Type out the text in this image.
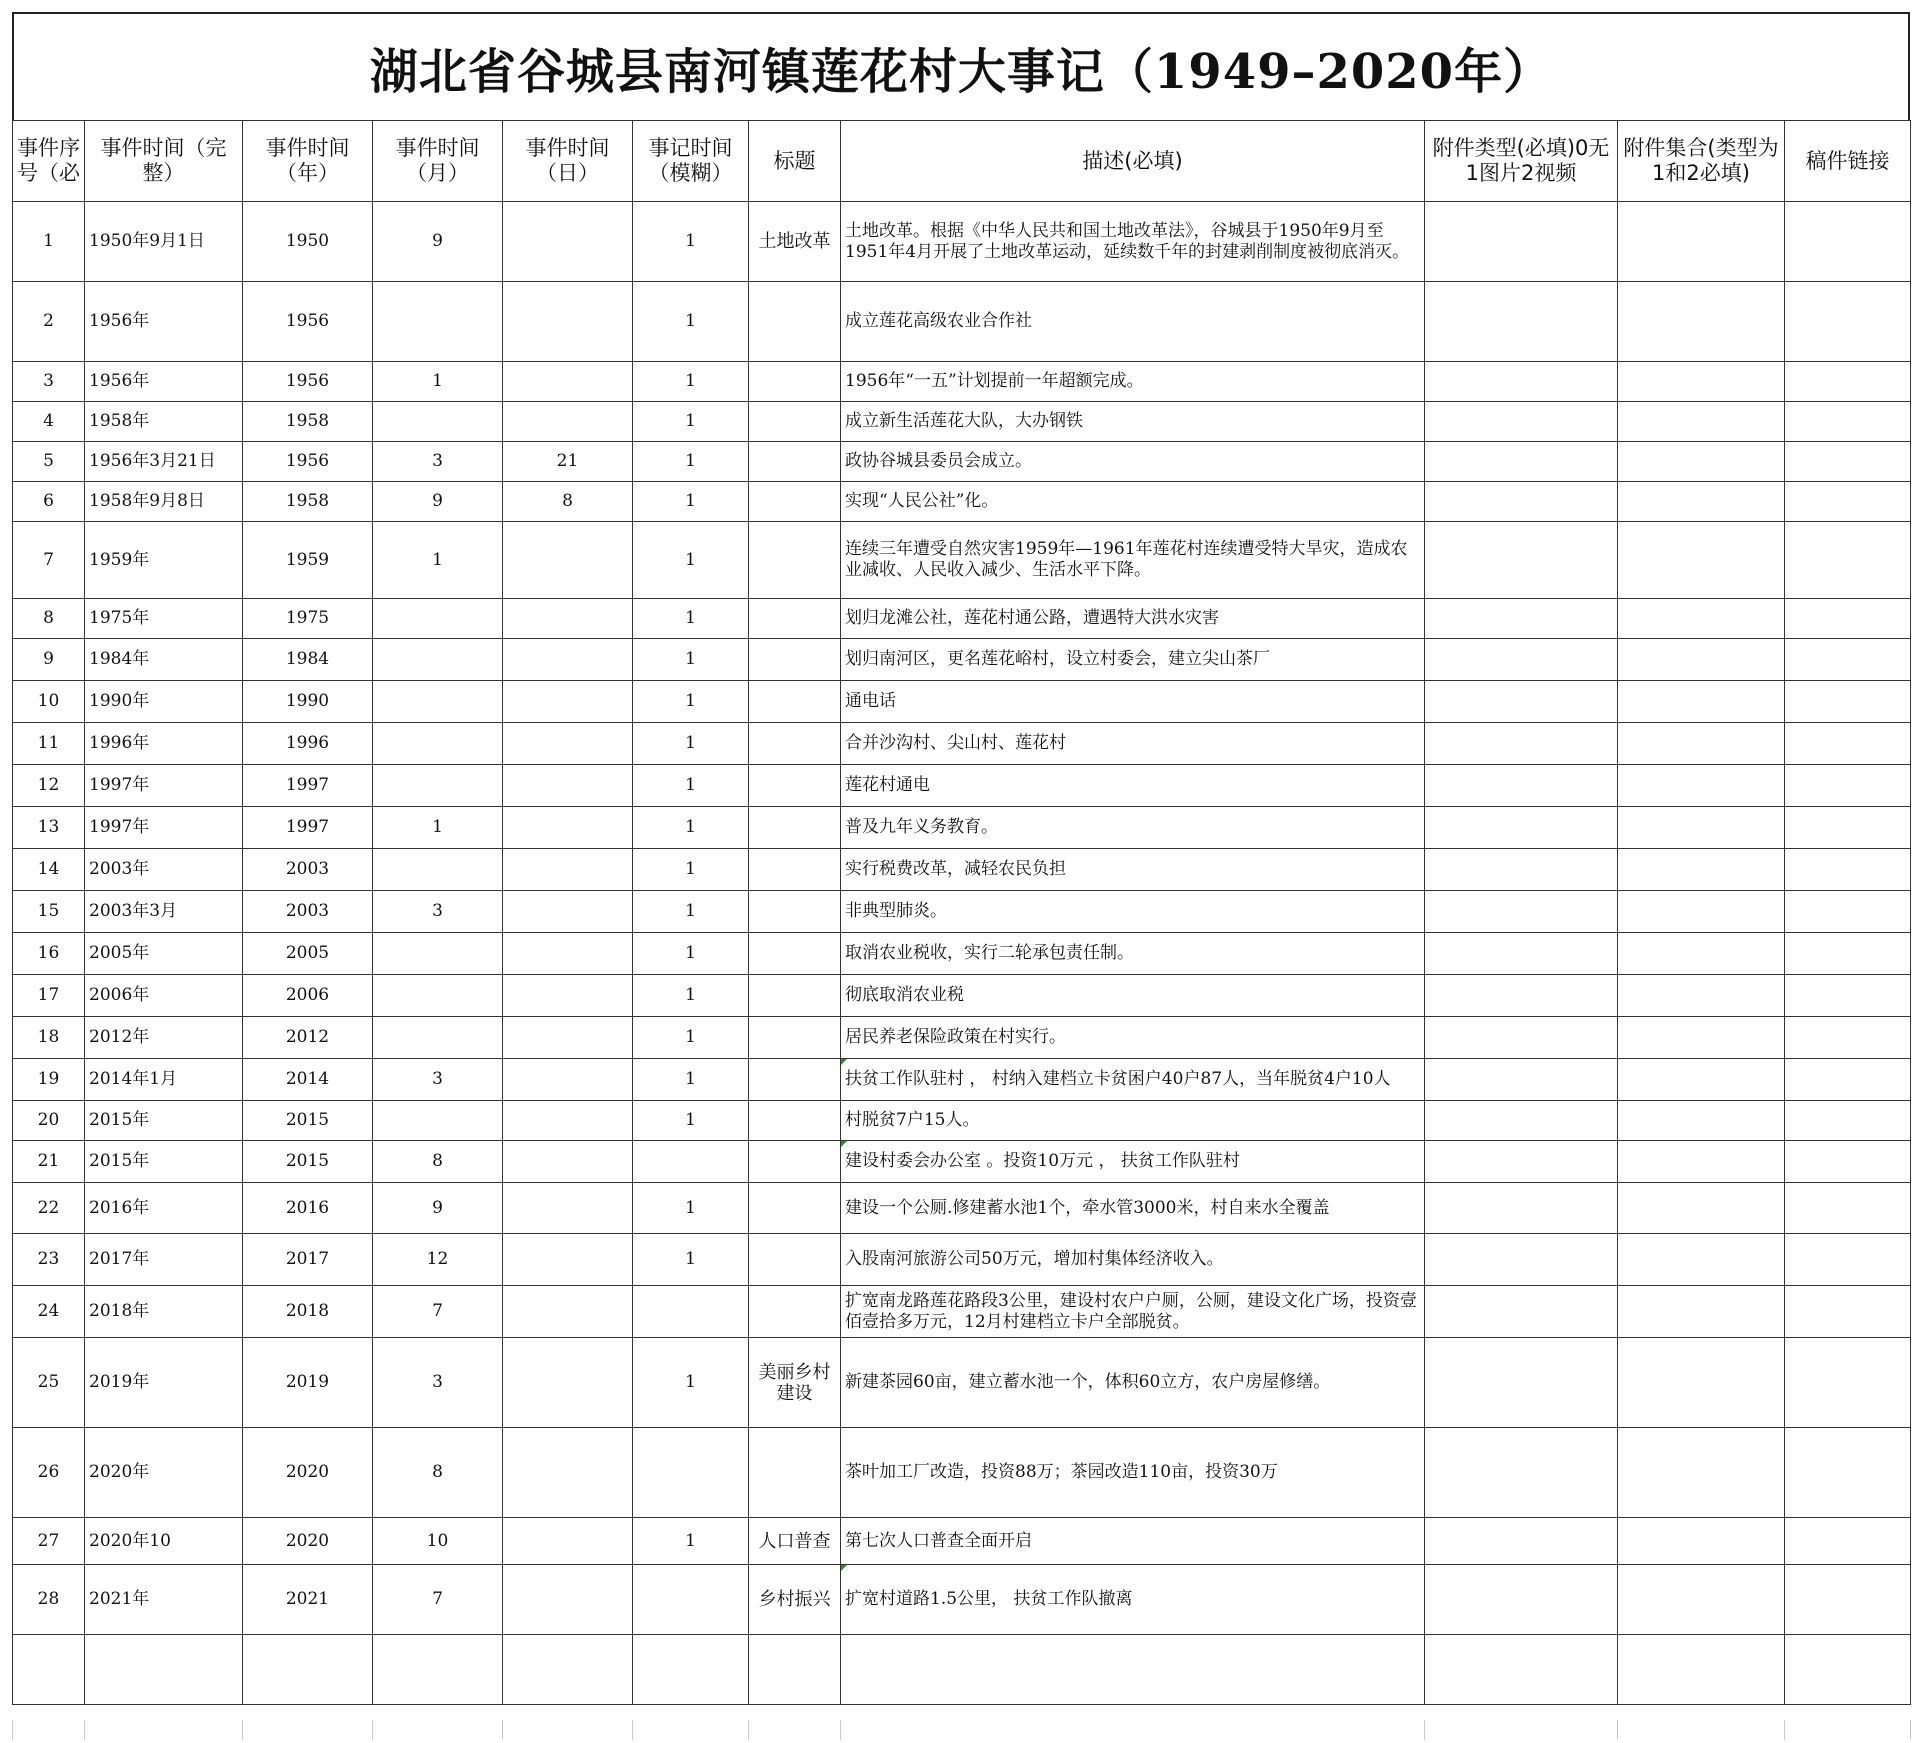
湖北省谷城县南河镇莲花村大事记（1949–2020年）
事件序号（必	事件时间（完整）	事件时间（年）	事件时间（月）	事件时间（日）	事记时间（模糊）	标题	描述(必填)	附件类型(必填)0无1图片2视频	附件集合(类型为1和2必填)	稿件链接
1	1950年9月1日	1950	9		1	土地改革	土地改革。根据《中华人民共和国土地改革法》，谷城县于1950年9月至1951年4月开展了土地改革运动，延续数千年的封建剥削制度被彻底消灭。			
2	1956年	1956			1		成立莲花高级农业合作社			
3	1956年	1956	1		1		1956年“一五”计划提前一年超额完成。			
4	1958年	1958			1		成立新生活莲花大队，大办钢铁			
5	1956年3月21日	1956	3	21	1		政协谷城县委员会成立。			
6	1958年9月8日	1958	9	8	1		实现“人民公社”化。			
7	1959年	1959	1		1		连续三年遭受自然灾害1959年—1961年莲花村连续遭受特大旱灾，造成农业减收、人民收入减少、生活水平下降。			
8	1975年	1975			1		划归龙滩公社，莲花村通公路，遭遇特大洪水灾害			
9	1984年	1984			1		划归南河区，更名莲花峪村，设立村委会，建立尖山茶厂			
10	1990年	1990			1		通电话			
11	1996年	1996			1		合并沙沟村、尖山村、莲花村			
12	1997年	1997			1		莲花村通电			
13	1997年	1997	1		1		普及九年义务教育。			
14	2003年	2003			1		实行税费改革，减轻农民负担			
15	2003年3月	2003	3		1		非典型肺炎。			
16	2005年	2005			1		取消农业税收，实行二轮承包责任制。			
17	2006年	2006			1		彻底取消农业税			
18	2012年	2012			1		居民养老保险政策在村实行。			
19	2014年1月	2014	3		1		扶贫工作队驻村 ， 村纳入建档立卡贫困户40户87人，当年脱贫4户10人

20	2015年	2015			1		村脱贫7户15人。			
21	2015年	2015	8				建设村委会办公室 。投资10万元 ， 扶贫工作队驻村

22	2016年	2016	9		1		建设一个公厕.修建蓄水池1个，牵水管3000米，村自来水全覆盖			
23	2017年	2017	12		1		入股南河旅游公司50万元，增加村集体经济收入。			
24	2018年	2018	7				扩宽南龙路莲花路段3公里，建设村农户户厕，公厕，建设文化广场，投资壹佰壹拾多万元，12月村建档立卡户全部脱贫。			
25	2019年	2019	3		1	美丽乡村建设	新建茶园60亩，建立蓄水池一个，体积60立方，农户房屋修缮。			
26	2020年	2020	8				茶叶加工厂改造，投资88万；茶园改造110亩，投资30万			
27	2020年10	2020	10		1	人口普查	第七次人口普查全面开启			
28	2021年	2021	7			乡村振兴	扩宽村道路1.5公里， 扶贫工作队撤离
